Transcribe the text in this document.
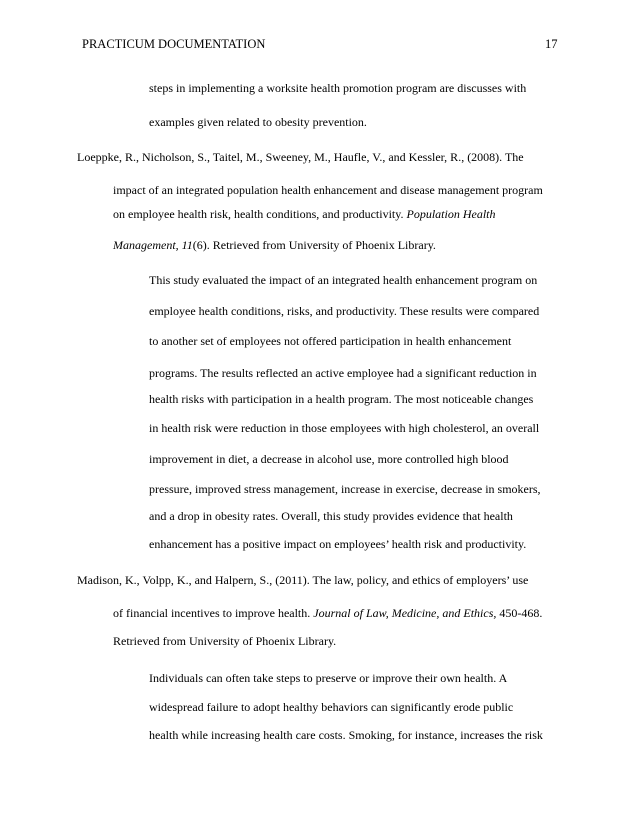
PRACTICUM DOCUMENTATION	17
steps in implementing a worksite health promotion program are discusses with
examples given related to obesity prevention.
Loeppke, R., Nicholson, S., Taitel, M., Sweeney, M., Haufle, V., and Kessler, R., (2008). The
impact of an integrated population health enhancement and disease management program
on employee health risk, health conditions, and productivity. Population Health
Management, 11(6). Retrieved from University of Phoenix Library.
This study evaluated the impact of an integrated health enhancement program on
employee health conditions, risks, and productivity. These results were compared
to another set of employees not offered participation in health enhancement
programs. The results reflected an active employee had a significant reduction in
health risks with participation in a health program. The most noticeable changes
in health risk were reduction in those employees with high cholesterol, an overall
improvement in diet, a decrease in alcohol use, more controlled high blood
pressure, improved stress management, increase in exercise, decrease in smokers,
and a drop in obesity rates. Overall, this study provides evidence that health
enhancement has a positive impact on employees’ health risk and productivity.
Madison, K., Volpp, K., and Halpern, S., (2011). The law, policy, and ethics of employers’ use
of financial incentives to improve health. Journal of Law, Medicine, and Ethics, 450-468.
Retrieved from University of Phoenix Library.
Individuals can often take steps to preserve or improve their own health. A
widespread failure to adopt healthy behaviors can significantly erode public
health while increasing health care costs. Smoking, for instance, increases the risk
